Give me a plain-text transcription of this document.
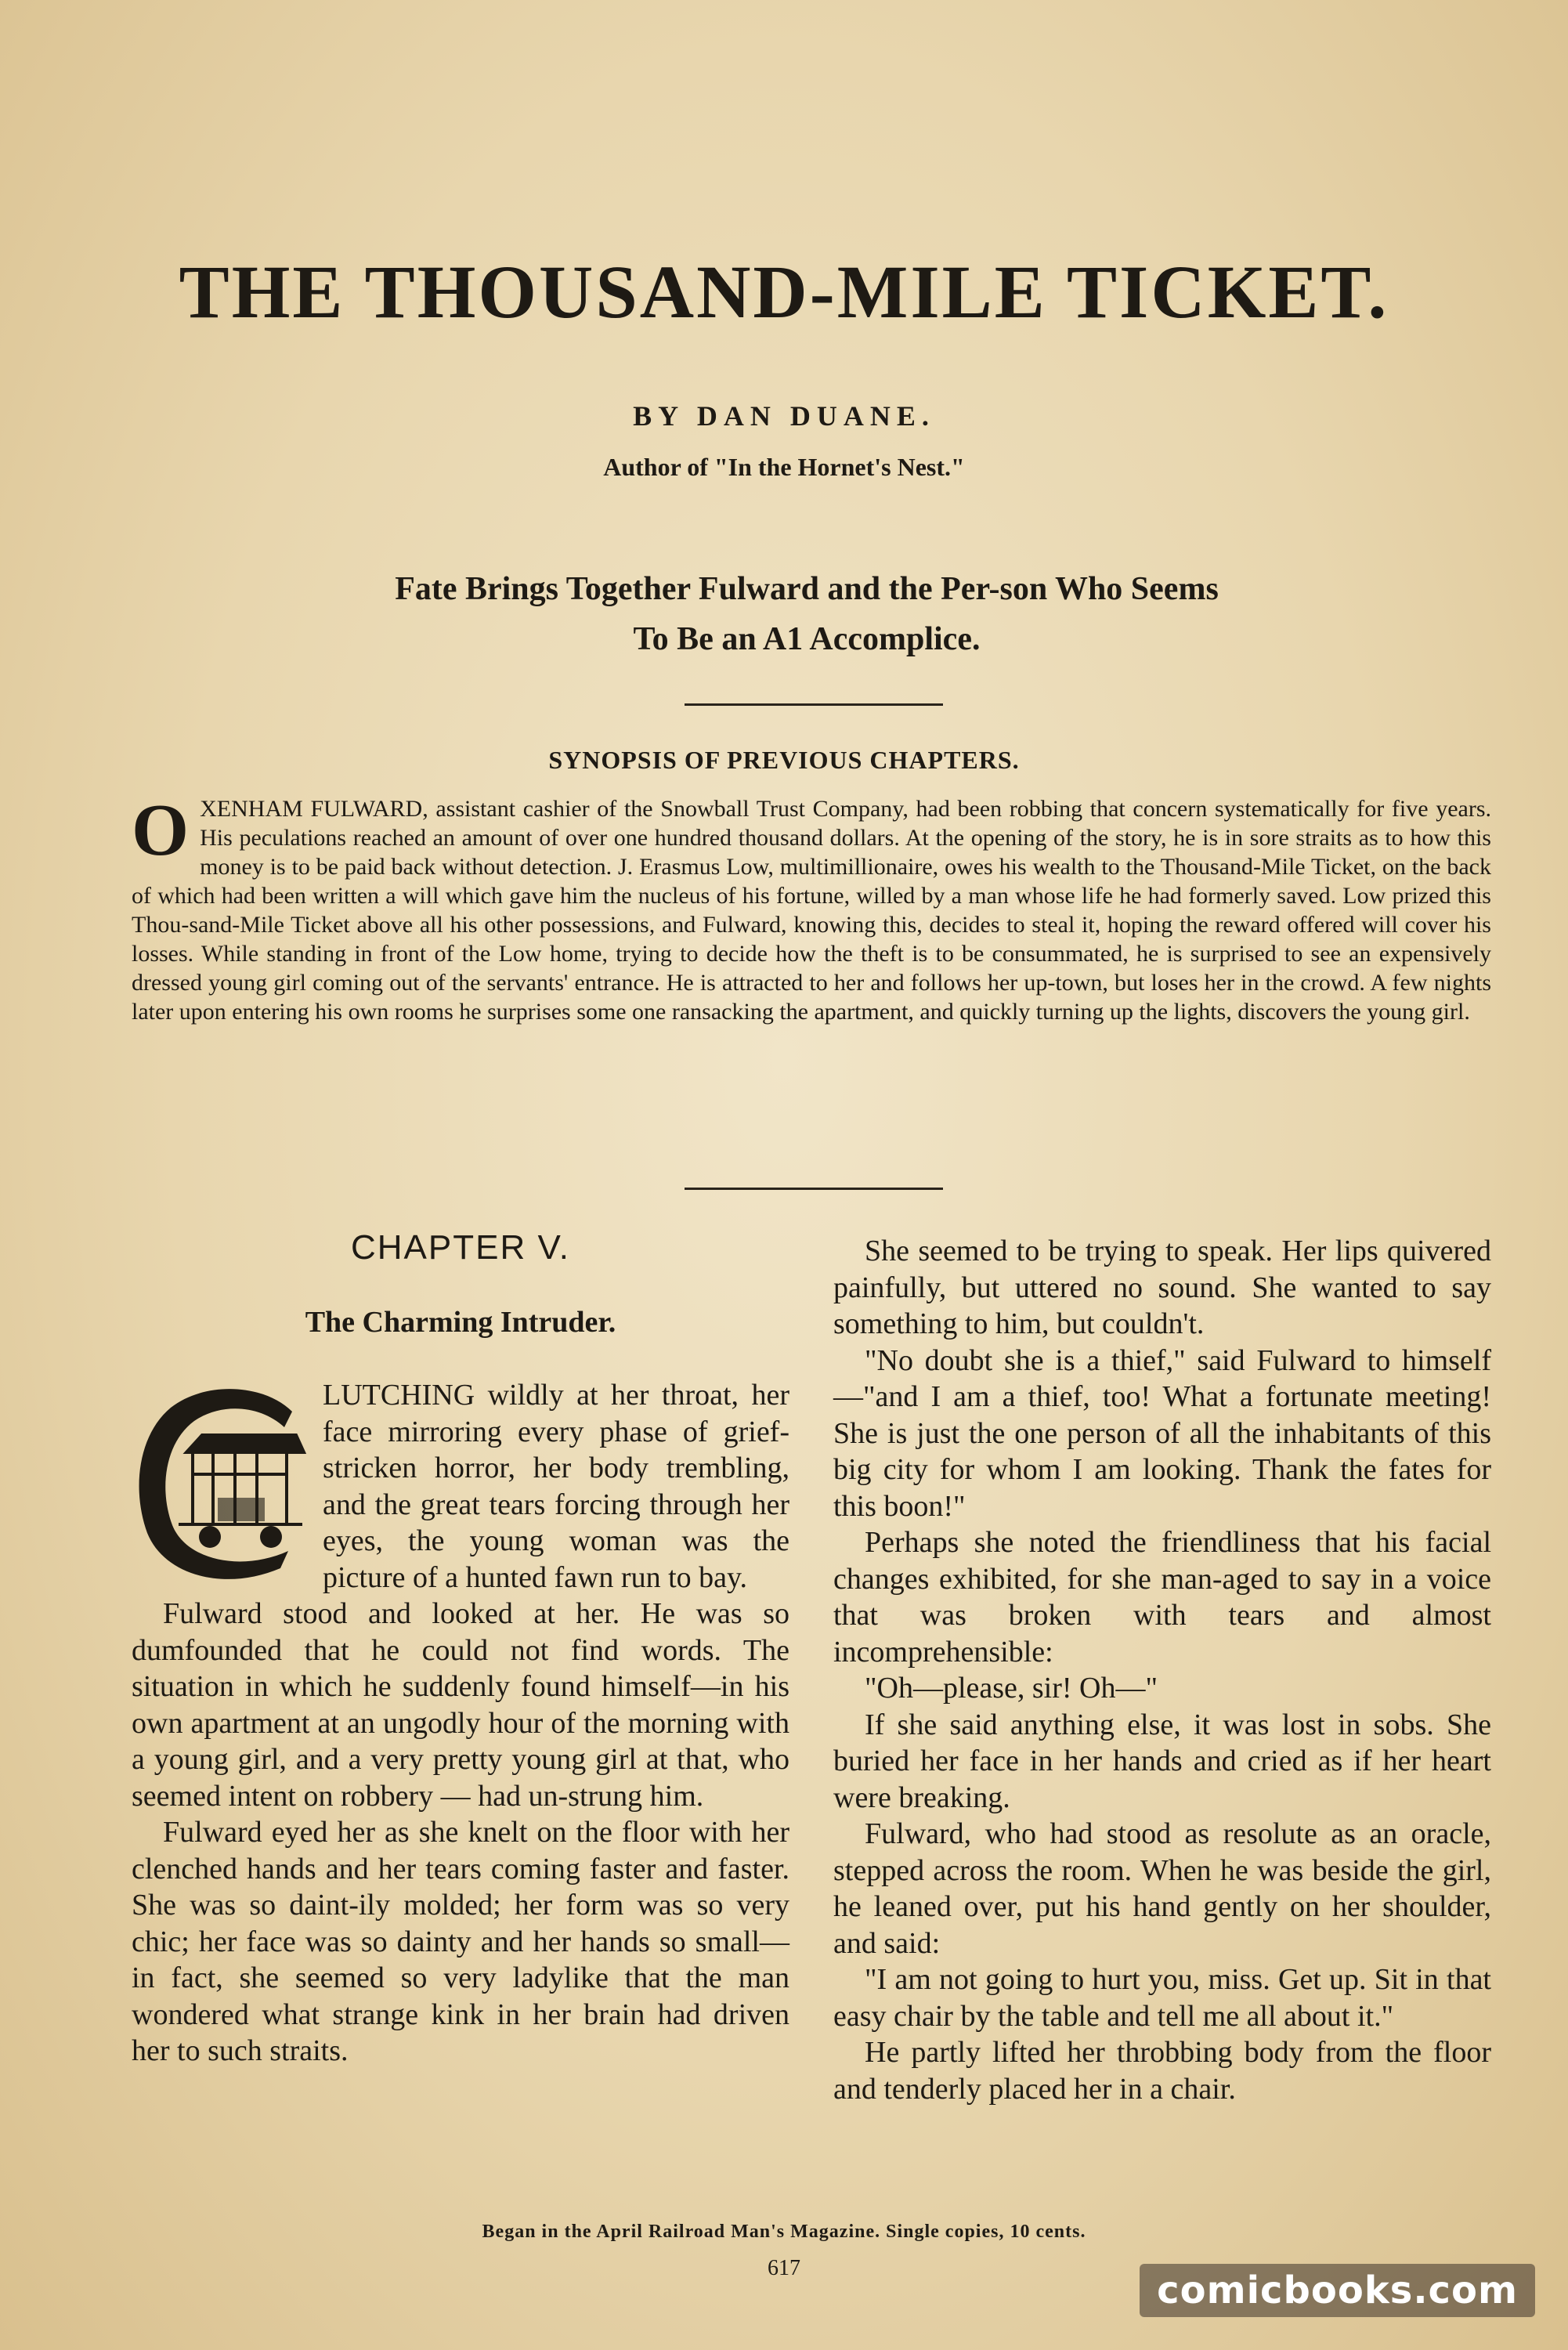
THE THOUSAND-MILE TICKET.
BY DAN DUANE.
Author of "In the Hornet's Nest."
Fate Brings Together Fulward and the Per-son Who Seems To Be an A1 Accomplice.
SYNOPSIS OF PREVIOUS CHAPTERS.
OXENHAM FULWARD, assistant cashier of the Snowball Trust Company, had been robbing that concern systematically for five years. His peculations reached an amount of over one hundred thousand dollars. At the opening of the story, he is in sore straits as to how this money is to be paid back without detection. J. Erasmus Low, multimillionaire, owes his wealth to the Thousand-Mile Ticket, on the back of which had been written a will which gave him the nucleus of his fortune, willed by a man whose life he had formerly saved. Low prized this Thou-sand-Mile Ticket above all his other possessions, and Fulward, knowing this, decides to steal it, hoping the reward offered will cover his losses. While standing in front of the Low home, trying to decide how the theft is to be consummated, he is surprised to see an expensively dressed young girl coming out of the servants' entrance. He is attracted to her and follows her up-town, but loses her in the crowd. A few nights later upon entering his own rooms he surprises some one ransacking the apartment, and quickly turning up the lights, discovers the young girl.
CHAPTER V.
The Charming Intruder.

LUTCHING wildly at her throat, her face mirroring every phase of grief-stricken horror, her body trembling, and the great tears forcing through her eyes, the young woman was the picture of a hunted fawn run to bay.

Fulward stood and looked at her. He was so dumfounded that he could not find words. The situation in which he suddenly found himself—in his own apartment at an ungodly hour of the morning with a young girl, and a very pretty young girl at that, who seemed intent on robbery — had un-strung him.

Fulward eyed her as she knelt on the floor with her clenched hands and her tears coming faster and faster. She was so daint-ily molded; her form was so very chic; her face was so dainty and her hands so small—in fact, she seemed so very ladylike that the man wondered what strange kink in her brain had driven her to such straits.

She seemed to be trying to speak. Her lips quivered painfully, but uttered no sound. She wanted to say something to him, but couldn't.

"No doubt she is a thief," said Fulward to himself—"and I am a thief, too! What a fortunate meeting! She is just the one person of all the inhabitants of this big city for whom I am looking. Thank the fates for this boon!"

Perhaps she noted the friendliness that his facial changes exhibited, for she man-aged to say in a voice that was broken with tears and almost incomprehensible:

"Oh—please, sir! Oh—"

If she said anything else, it was lost in sobs. She buried her face in her hands and cried as if her heart were breaking.

Fulward, who had stood as resolute as an oracle, stepped across the room. When he was beside the girl, he leaned over, put his hand gently on her shoulder, and said:

"I am not going to hurt you, miss. Get up. Sit in that easy chair by the table and tell me all about it."

He partly lifted her throbbing body from the floor and tenderly placed her in a chair.

Began in the April Railroad Man's Magazine. Single copies, 10 cents.
617
comicbooks.com
